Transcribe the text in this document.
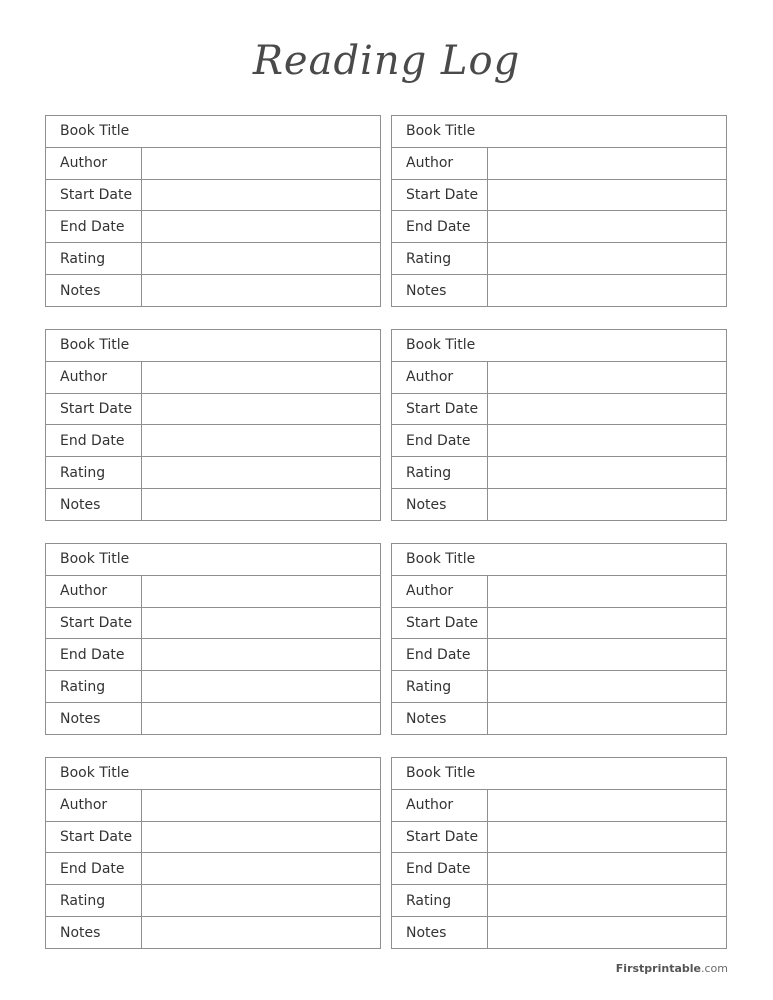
Reading Log
Book Title
Author
Start Date
End Date
Rating
Notes
Book Title
Author
Start Date
End Date
Rating
Notes
Book Title
Author
Start Date
End Date
Rating
Notes
Book Title
Author
Start Date
End Date
Rating
Notes
Book Title
Author
Start Date
End Date
Rating
Notes
Book Title
Author
Start Date
End Date
Rating
Notes
Book Title
Author
Start Date
End Date
Rating
Notes
Book Title
Author
Start Date
End Date
Rating
Notes
Firstprintable.com
